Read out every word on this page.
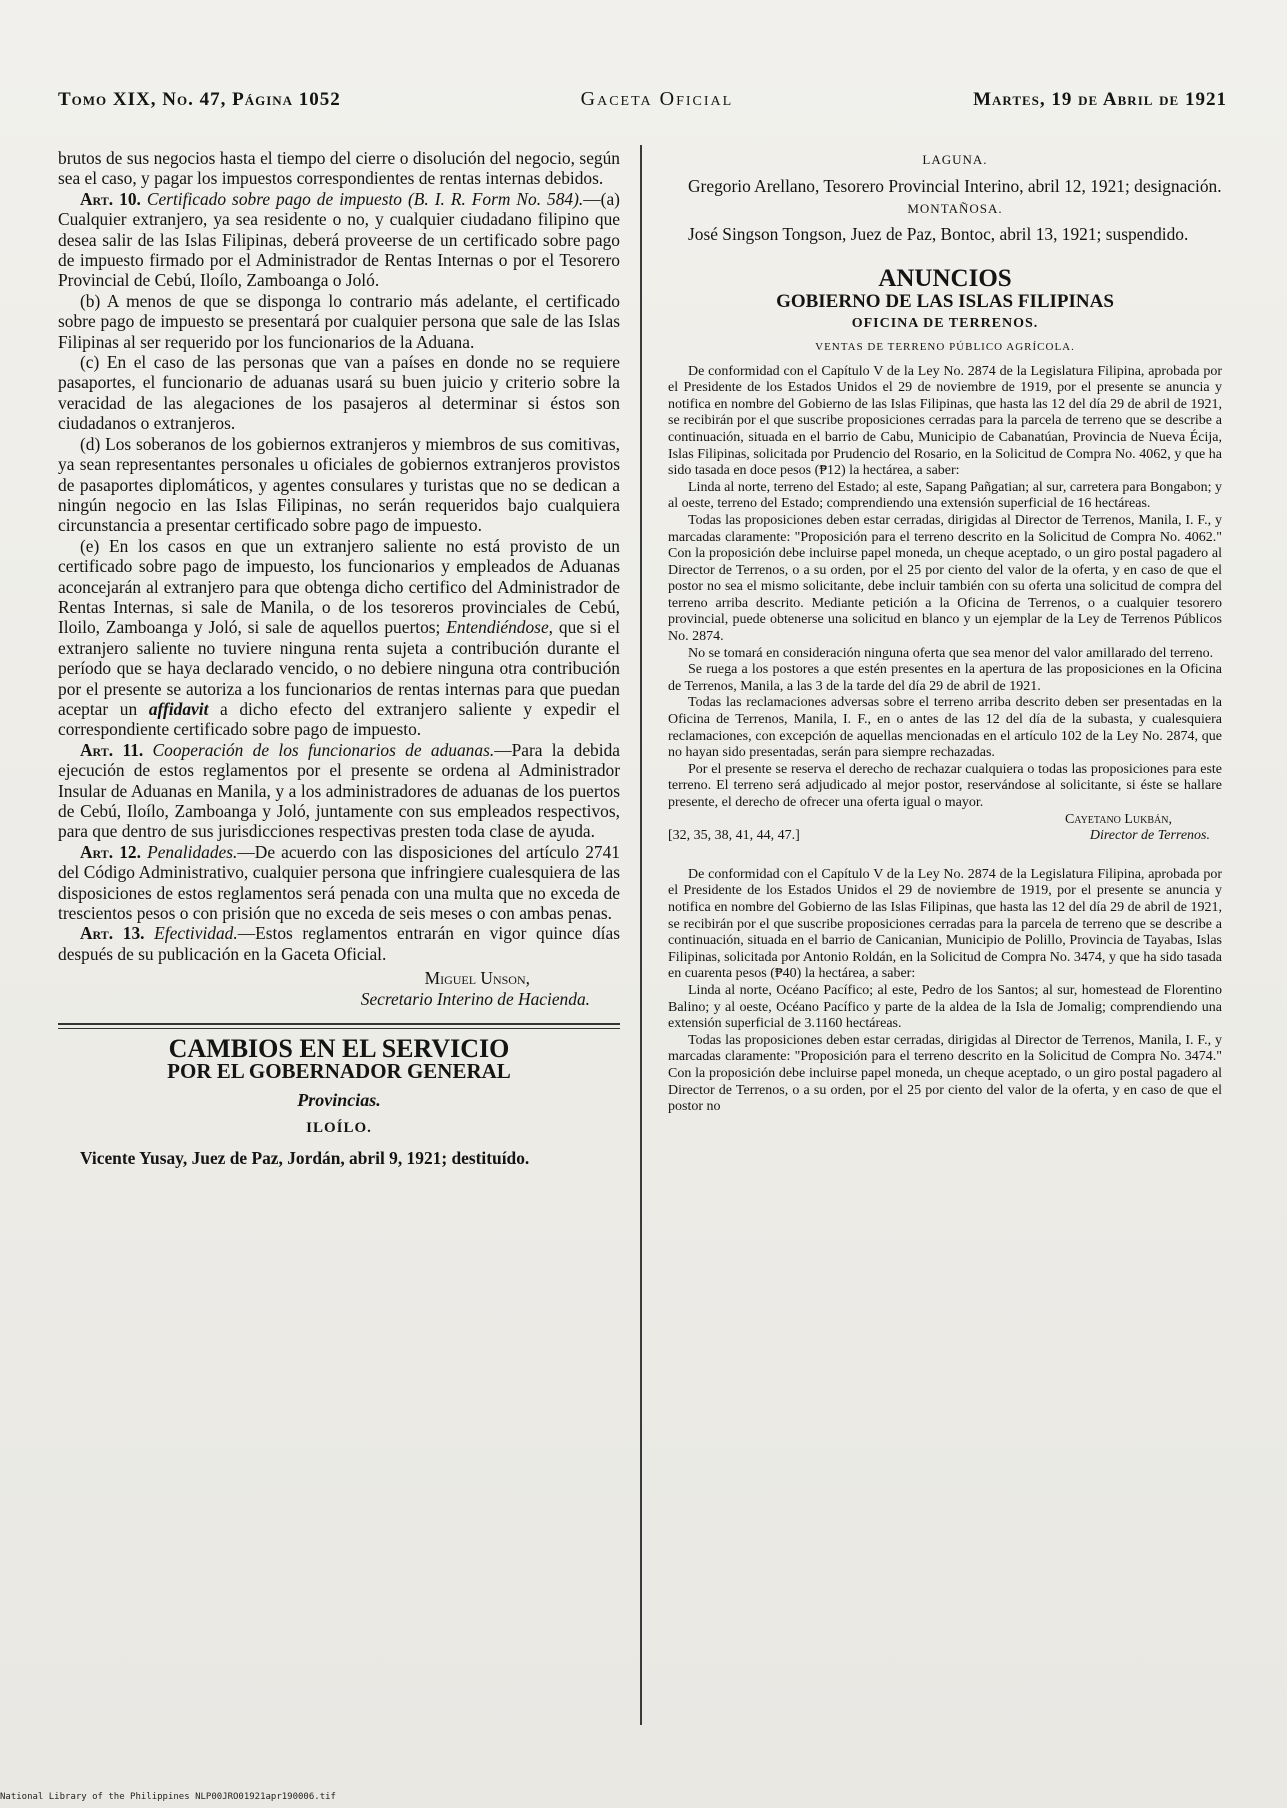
Tomo XIX, No. 47, Página 1052	Gaceta Oficial	Martes, 19 de Abril de 1921

brutos de sus negocios hasta el tiempo del cierre o disolución del negocio, según sea el caso, y pagar los impuestos correspondientes de rentas internas debidos.

Art. 10. Certificado sobre pago de impuesto (B. I. R. Form No. 584).—(a) Cualquier extranjero, ya sea residente o no, y cualquier ciudadano filipino que desea salir de las Islas Filipinas, deberá proveerse de un certificado sobre pago de impuesto firmado por el Administrador de Rentas Internas o por el Tesorero Provincial de Cebú, Iloílo, Zamboanga o Joló.

(b) A menos de que se disponga lo contrario más adelante, el certificado sobre pago de impuesto se presentará por cualquier persona que sale de las Islas Filipinas al ser requerido por los funcionarios de la Aduana.

(c) En el caso de las personas que van a países en donde no se requiere pasaportes, el funcionario de aduanas usará su buen juicio y criterio sobre la veracidad de las alegaciones de los pasajeros al determinar si éstos son ciudadanos o extranjeros.

(d) Los soberanos de los gobiernos extranjeros y miembros de sus comitivas, ya sean representantes personales u oficiales de gobiernos extranjeros provistos de pasaportes diplomáticos, y agentes consulares y turistas que no se dedican a ningún negocio en las Islas Filipinas, no serán requeridos bajo cualquiera circunstancia a presentar certificado sobre pago de impuesto.

(e) En los casos en que un extranjero saliente no está provisto de un certificado sobre pago de impuesto, los funcionarios y empleados de Aduanas aconcejarán al extranjero para que obtenga dicho certifico del Administrador de Rentas Internas, si sale de Manila, o de los tesoreros provinciales de Cebú, Iloilo, Zamboanga y Joló, si sale de aquellos puertos; Entendiéndose, que si el extranjero saliente no tuviere ninguna renta sujeta a contribución durante el período que se haya declarado vencido, o no debiere ninguna otra contribución por el presente se autoriza a los funcionarios de rentas internas para que puedan aceptar un affidavit a dicho efecto del extranjero saliente y expedir el correspondiente certificado sobre pago de impuesto.

Art. 11. Cooperación de los funcionarios de aduanas.—Para la debida ejecución de estos reglamentos por el presente se ordena al Administrador Insular de Aduanas en Manila, y a los administradores de aduanas de los puertos de Cebú, Iloílo, Zamboanga y Joló, juntamente con sus empleados respectivos, para que dentro de sus jurisdicciones respectivas presten toda clase de ayuda.

Art. 12. Penalidades.—De acuerdo con las disposiciones del artículo 2741 del Código Administrativo, cualquier persona que infringiere cualesquiera de las disposiciones de estos reglamentos será penada con una multa que no exceda de trescientos pesos o con prisión que no exceda de seis meses o con ambas penas.

Art. 13. Efectividad.—Estos reglamentos entrarán en vigor quince días después de su publicación en la Gaceta Oficial.

Miguel Unson,

Secretario Interino de Hacienda.

CAMBIOS EN EL SERVICIO
POR EL GOBERNADOR GENERAL
Provincias.
ILOÍLO.

Vicente Yusay, Juez de Paz, Jordán, abril 9, 1921; destituído.

LAGUNA.

Gregorio Arellano, Tesorero Provincial Interino, abril 12, 1921; designación.

MONTAÑOSA.

José Singson Tongson, Juez de Paz, Bontoc, abril 13, 1921; suspendido.

ANUNCIOS
GOBIERNO DE LAS ISLAS FILIPINAS
OFICINA DE TERRENOS.
VENTAS DE TERRENO PÚBLICO AGRÍCOLA.

De conformidad con el Capítulo V de la Ley No. 2874 de la Legislatura Filipina, aprobada por el Presidente de los Estados Unidos el 29 de noviembre de 1919, por el presente se anuncia y notifica en nombre del Gobierno de las Islas Filipinas, que hasta las 12 del día 29 de abril de 1921, se recibirán por el que suscribe proposiciones cerradas para la parcela de terreno que se describe a continuación, situada en el barrio de Cabu, Municipio de Cabanatúan, Provincia de Nueva Écija, Islas Filipinas, solicitada por Prudencio del Rosario, en la Solicitud de Compra No. 4062, y que ha sido tasada en doce pesos (₱12) la hectárea, a saber:

Linda al norte, terreno del Estado; al este, Sapang Pañgatian; al sur, carretera para Bongabon; y al oeste, terreno del Estado; comprendiendo una extensión superficial de 16 hectáreas.

Todas las proposiciones deben estar cerradas, dirigidas al Director de Terrenos, Manila, I. F., y marcadas claramente: "Proposición para el terreno descrito en la Solicitud de Compra No. 4062." Con la proposición debe incluirse papel moneda, un cheque aceptado, o un giro postal pagadero al Director de Terrenos, o a su orden, por el 25 por ciento del valor de la oferta, y en caso de que el postor no sea el mismo solicitante, debe incluir también con su oferta una solicitud de compra del terreno arriba descrito. Mediante petición a la Oficina de Terrenos, o a cualquier tesorero provincial, puede obtenerse una solicitud en blanco y un ejemplar de la Ley de Terrenos Públicos No. 2874.

No se tomará en consideración ninguna oferta que sea menor del valor amillarado del terreno.

Se ruega a los postores a que estén presentes en la apertura de las proposiciones en la Oficina de Terrenos, Manila, a las 3 de la tarde del día 29 de abril de 1921.

Todas las reclamaciones adversas sobre el terreno arriba descrito deben ser presentadas en la Oficina de Terrenos, Manila, I. F., en o antes de las 12 del día de la subasta, y cualesquiera reclamaciones, con excepción de aquellas mencionadas en el artículo 102 de la Ley No. 2874, que no hayan sido presentadas, serán para siempre rechazadas.

Por el presente se reserva el derecho de rechazar cualquiera o todas las proposiciones para este terreno. El terreno será adjudicado al mejor postor, reservándose al solicitante, si éste se hallare presente, el derecho de ofrecer una oferta igual o mayor.

Cayetano Lukbán,

[32, 35, 38, 41, 44, 47.]	Director de Terrenos.

De conformidad con el Capítulo V de la Ley No. 2874 de la Legislatura Filipina, aprobada por el Presidente de los Estados Unidos el 29 de noviembre de 1919, por el presente se anuncia y notifica en nombre del Gobierno de las Islas Filipinas, que hasta las 12 del día 29 de abril de 1921, se recibirán por el que suscribe proposiciones cerradas para la parcela de terreno que se describe a continuación, situada en el barrio de Canicanian, Municipio de Polillo, Provincia de Tayabas, Islas Filipinas, solicitada por Antonio Roldán, en la Solicitud de Compra No. 3474, y que ha sido tasada en cuarenta pesos (₱40) la hectárea, a saber:

Linda al norte, Océano Pacífico; al este, Pedro de los Santos; al sur, homestead de Florentino Balino; y al oeste, Océano Pacífico y parte de la aldea de la Isla de Jomalig; comprendiendo una extensión superficial de 3.1160 hectáreas.

Todas las proposiciones deben estar cerradas, dirigidas al Director de Terrenos, Manila, I. F., y marcadas claramente: "Proposición para el terreno descrito en la Solicitud de Compra No. 3474." Con la proposición debe incluirse papel moneda, un cheque aceptado, o un giro postal pagadero al Director de Terrenos, o a su orden, por el 25 por ciento del valor de la oferta, y en caso de que el postor no

National Library of the Philippines NLP00JRO01921apr190006.tif
